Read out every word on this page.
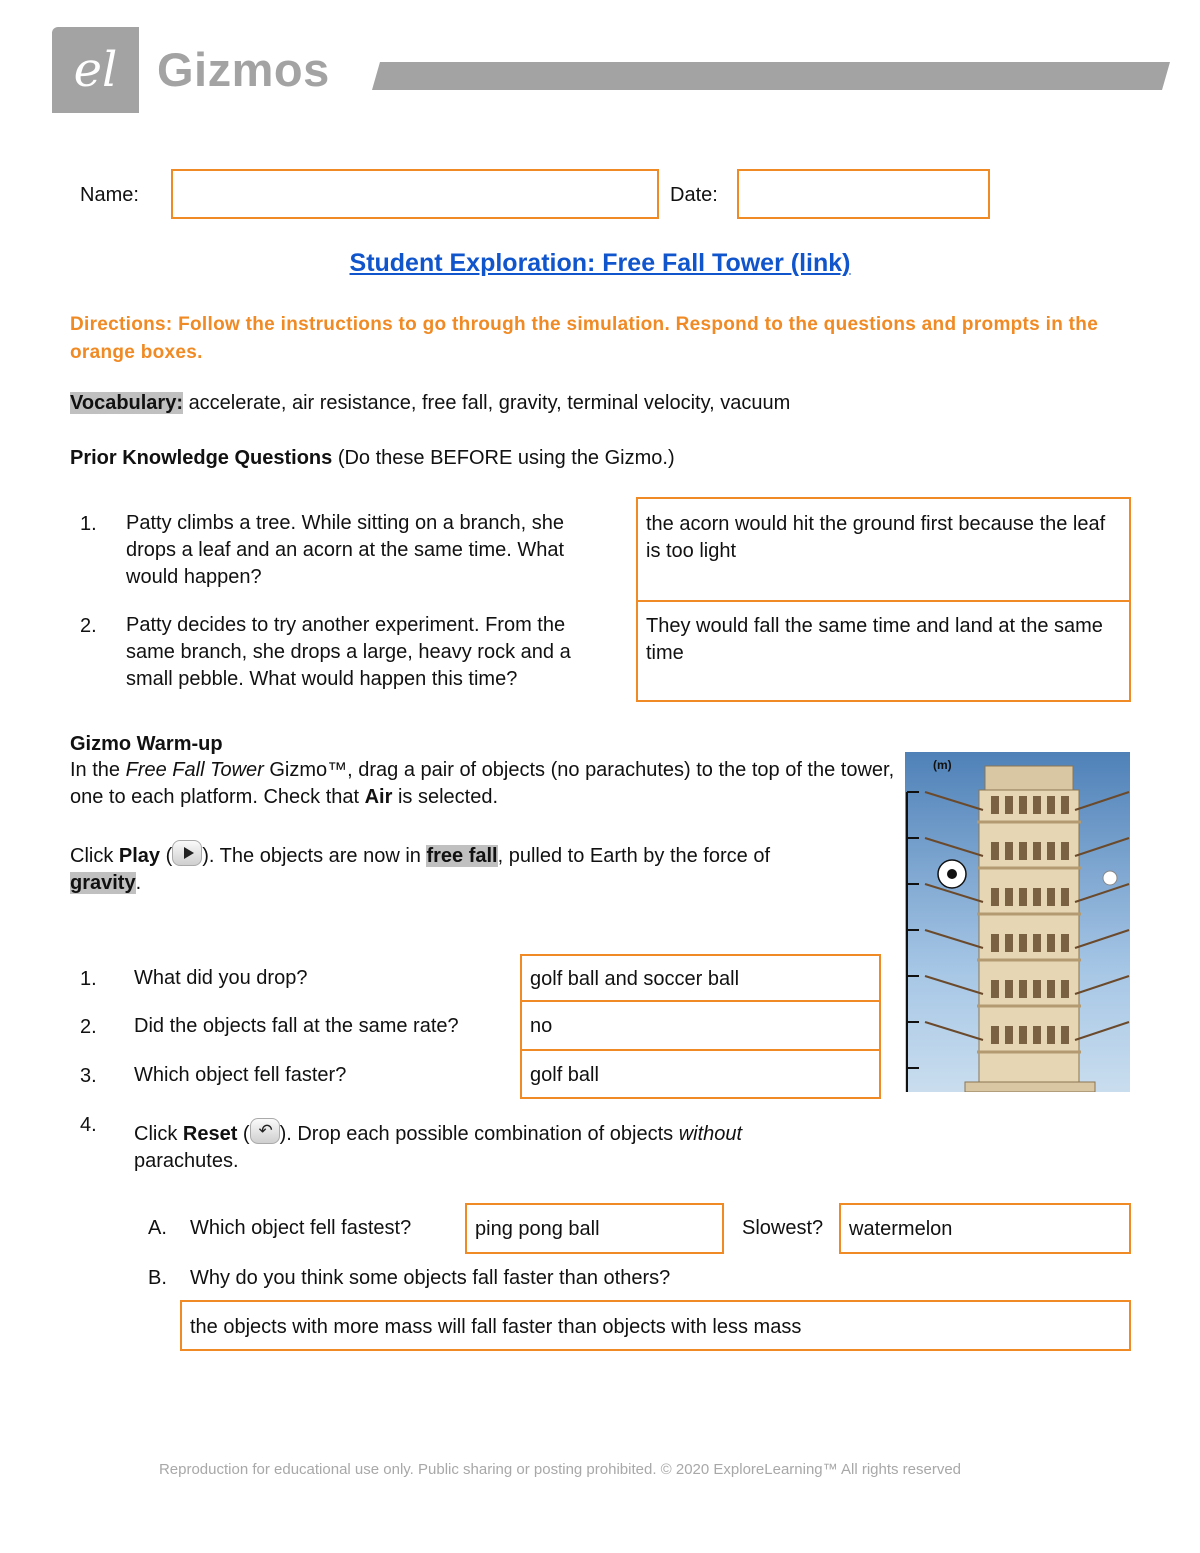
el Gizmos
Name:	Date:
Student Exploration: Free Fall Tower (link)
Directions: Follow the instructions to go through the simulation. Respond to the questions and prompts in the orange boxes.
Vocabulary: accelerate, air resistance, free fall, gravity, terminal velocity, vacuum
Prior Knowledge Questions (Do these BEFORE using the Gizmo.)
1. Patty climbs a tree. While sitting on a branch, she drops a leaf and an acorn at the same time. What would happen?
the acorn would hit the ground first because the leaf is too light
2. Patty decides to try another experiment. From the same branch, she drops a large, heavy rock and a small pebble. What would happen this time?
They would fall the same time and land at the same time
Gizmo Warm-up
In the Free Fall Tower Gizmo™, drag a pair of objects (no parachutes) to the top of the tower, one to each platform. Check that Air is selected.
Click Play ( ). The objects are now in free fall, pulled to Earth by the force of
gravity.
(m)
1. What did you drop?	golf ball and soccer ball
2. Did the objects fall at the same rate?	no
3. Which object fell faster?	golf ball
4. Click Reset ( ↶ ). Drop each possible combination of objects without
parachutes.
A. Which object fell fastest?	ping pong ball	Slowest?	watermelon
B. Why do you think some objects fall faster than others?
the objects with more mass will fall faster than objects with less mass
Reproduction for educational use only. Public sharing or posting prohibited. © 2020 ExploreLearning™ All rights reserved
